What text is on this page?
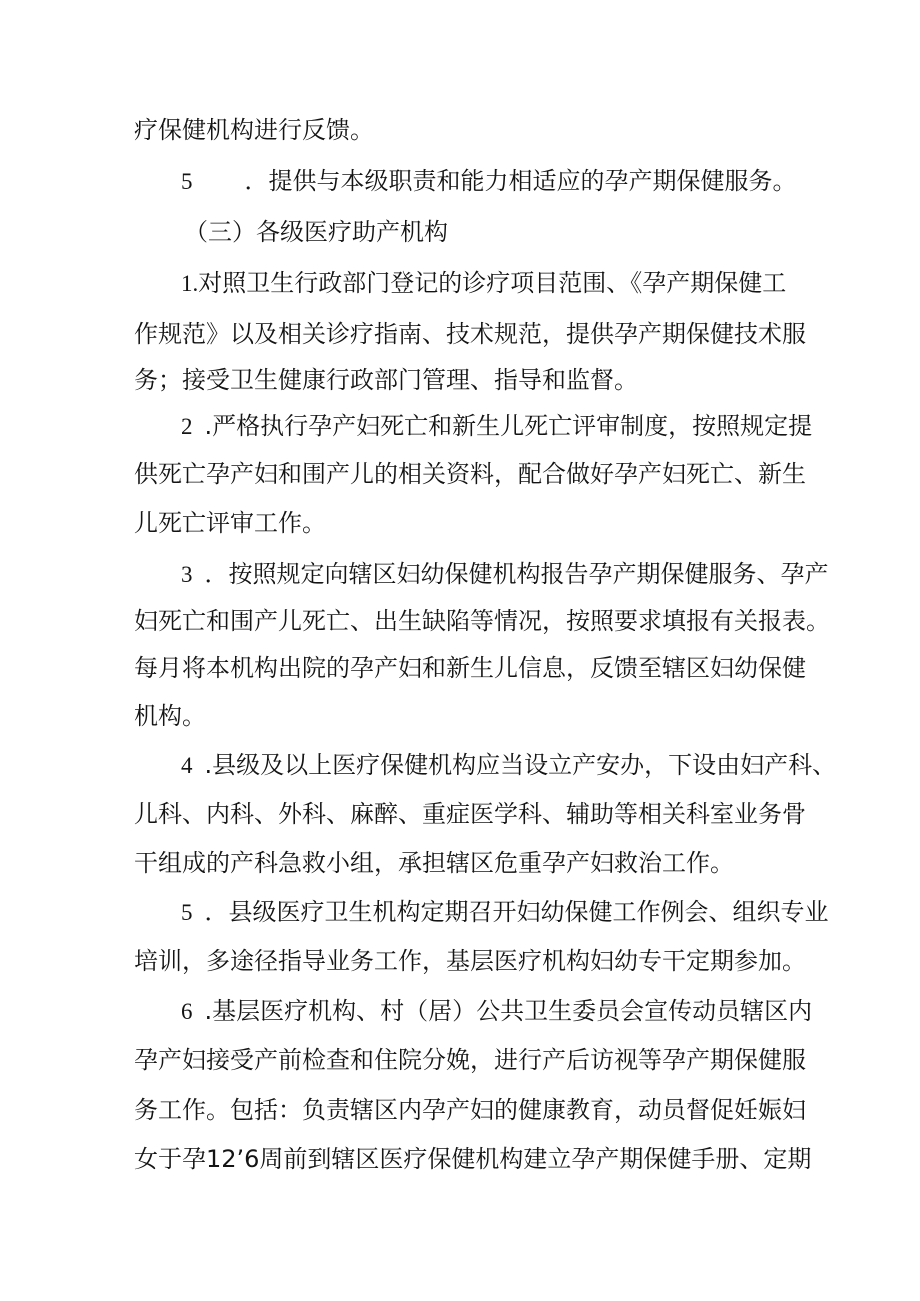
疗保健机构进行反馈。
5 ．提供与本级职责和能力相适应的孕产期保健服务。
（三）各级医疗助产机构
1.对照卫生行政部门登记的诊疗项目范围、《孕产期保健工
作规范》以及相关诊疗指南、技术规范，提供孕产期保健技术服
务；接受卫生健康行政部门管理、指导和监督。
2 .严格执行孕产妇死亡和新生儿死亡评审制度，按照规定提
供死亡孕产妇和围产儿的相关资料，配合做好孕产妇死亡、新生
儿死亡评审工作。
3 ．按照规定向辖区妇幼保健机构报告孕产期保健服务、孕产
妇死亡和围产儿死亡、出生缺陷等情况，按照要求填报有关报表。
每月将本机构出院的孕产妇和新生儿信息，反馈至辖区妇幼保健
机构。
4 .县级及以上医疗保健机构应当设立产安办，下设由妇产科、
儿科、内科、外科、麻醉、重症医学科、辅助等相关科室业务骨
干组成的产科急救小组，承担辖区危重孕产妇救治工作。
5 ．县级医疗卫生机构定期召开妇幼保健工作例会、组织专业
培训，多途径指导业务工作，基层医疗机构妇幼专干定期参加。
6 .基层医疗机构、村（居）公共卫生委员会宣传动员辖区内
孕产妇接受产前检查和住院分娩，进行产后访视等孕产期保健服
务工作。包括：负责辖区内孕产妇的健康教育，动员督促妊娠妇
女于孕12’6周前到辖区医疗保健机构建立孕产期保健手册、定期
